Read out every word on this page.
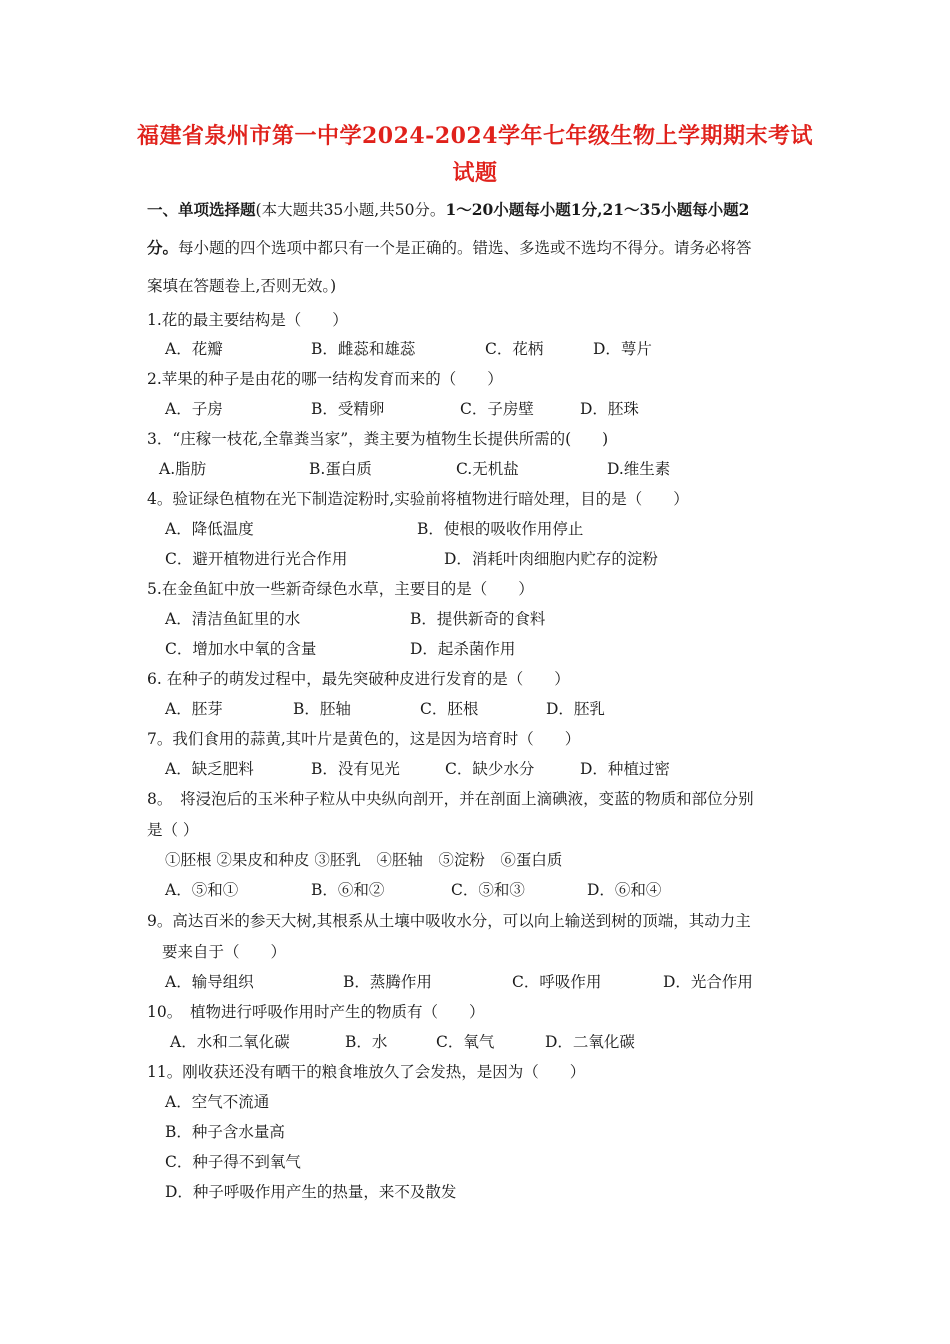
福建省泉州市第一中学2024-2024学年七年级生物上学期期末考试
试题
一、单项选择题(本大题共35小题,共50分。1～20小题每小题1分,21～35小题每小题2
分。每小题的四个选项中都只有一个是正确的。错选、多选或不选均不得分。请务必将答
案填在答题卷上,否则无效。)
1.花的最主要结构是（　　）
A．花瓣	B．雌蕊和雄蕊	C．花柄	D．萼片
2.苹果的种子是由花的哪一结构发育而来的（　　）
A．子房	B．受精卵	C．子房壁	D．胚珠
3．“庄稼一枝花,全靠粪当家”，粪主要为植物生长提供所需的(　　)
A.脂肪	B.蛋白质	C.无机盐	D.维生素
4。验证绿色植物在光下制造淀粉时,实验前将植物进行暗处理，目的是（　　）
A．降低温度	B．使根的吸收作用停止
C．避开植物进行光合作用	D．消耗叶肉细胞内贮存的淀粉
5.在金鱼缸中放一些新奇绿色水草，主要目的是（　　）
A．清洁鱼缸里的水	B．提供新奇的食料
C．增加水中氧的含量	D．起杀菌作用
6. 在种子的萌发过程中，最先突破种皮进行发育的是（　　）
A．胚芽	B．胚轴	C．胚根	D．胚乳
7。我们食用的蒜黄,其叶片是黄色的，这是因为培育时（　　）
A．缺乏肥料	B．没有见光	C．缺少水分	D．种植过密
8。　将浸泡后的玉米种子粒从中央纵向剖开，并在剖面上滴碘液，变蓝的物质和部位分别
是（ ）
①胚根 ②果皮和种皮 ③胚乳　④胚轴　⑤淀粉　⑥蛋白质
A．⑤和①	B．⑥和②	C．⑤和③	D．⑥和④
9。高达百米的参天大树,其根系从土壤中吸收水分，可以向上输送到树的顶端，其动力主
要来自于（　　）
A．输导组织	B．蒸腾作用	C．呼吸作用	D．光合作用
10。　植物进行呼吸作用时产生的物质有（　　）
A．水和二氧化碳	B．水	C．氧气	D．二氧化碳
11。刚收获还没有晒干的粮食堆放久了会发热，是因为（　　）
A．空气不流通
B．种子含水量高
C．种子得不到氧气
D．种子呼吸作用产生的热量，来不及散发
